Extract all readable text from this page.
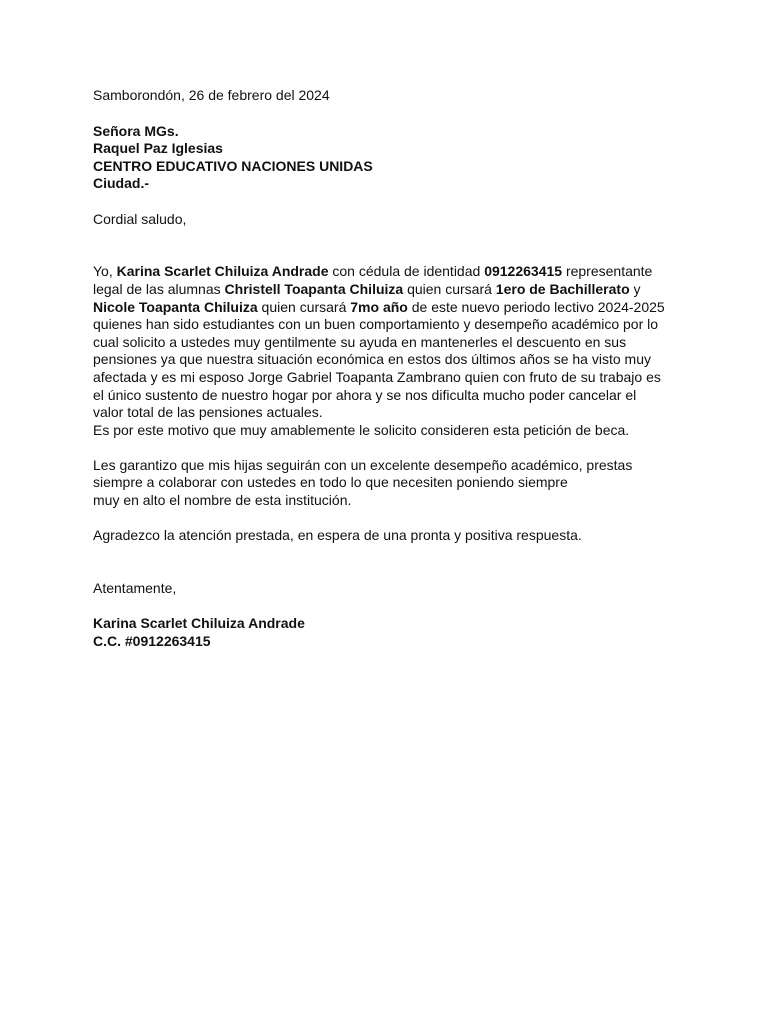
Samborondón, 26 de febrero del 2024
Señora MGs.
Raquel Paz Iglesias
CENTRO EDUCATIVO NACIONES UNIDAS
Ciudad.-
Cordial saludo,
Yo, Karina Scarlet Chiluiza Andrade con cédula de identidad 0912263415 representante
legal de las alumnas Christell Toapanta Chiluiza quien cursará 1ero de Bachillerato y
Nicole Toapanta Chiluiza quien cursará 7mo año de este nuevo periodo lectivo 2024-2025
quienes han sido estudiantes con un buen comportamiento y desempeño académico por lo
cual solicito a ustedes muy gentilmente su ayuda en mantenerles el descuento en sus
pensiones ya que nuestra situación económica en estos dos últimos años se ha visto muy
afectada y es mi esposo Jorge Gabriel Toapanta Zambrano quien con fruto de su trabajo es
el único sustento de nuestro hogar por ahora y se nos dificulta mucho poder cancelar el
valor total de las pensiones actuales.
Es por este motivo que muy amablemente le solicito consideren esta petición de beca.
Les garantizo que mis hijas seguirán con un excelente desempeño académico, prestas
siempre a colaborar con ustedes en todo lo que necesiten poniendo siempre
muy en alto el nombre de esta institución.
Agradezco la atención prestada, en espera de una pronta y positiva respuesta.
Atentamente,
Karina Scarlet Chiluiza Andrade
C.C. #0912263415
